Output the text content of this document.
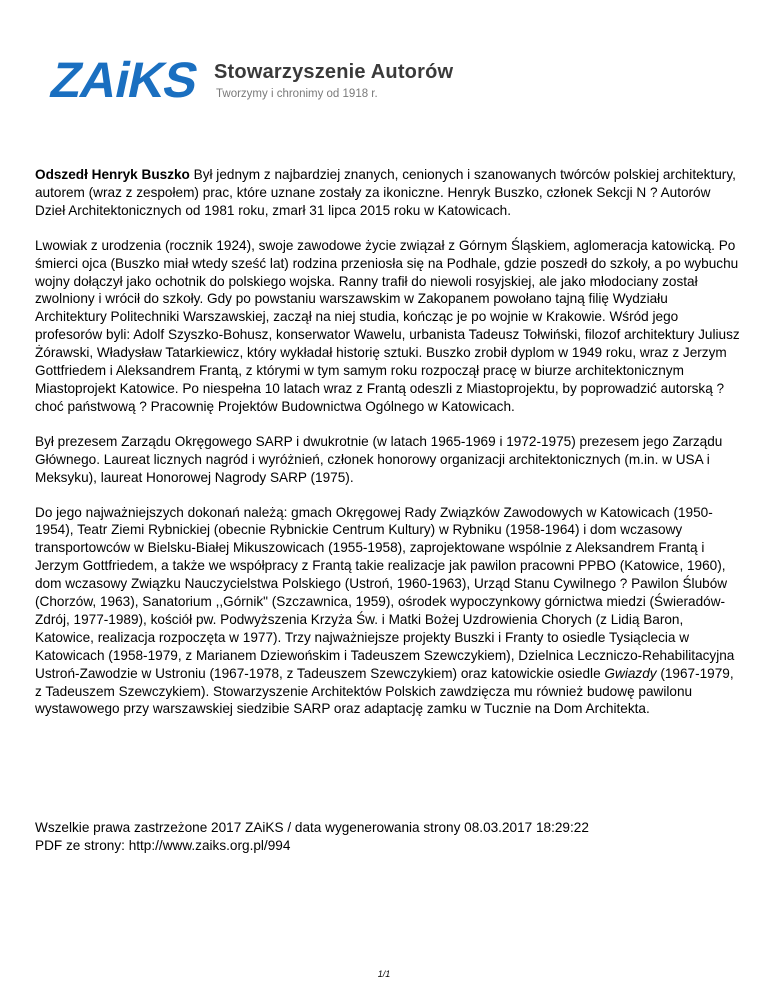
ZAiKS Stowarzyszenie Autorów
Tworzymy i chronimy od 1918 r.

Odszedł Henryk Buszko Był jednym z najbardziej znanych, cenionych i szanowanych twórców polskiej architektury, autorem (wraz z zespołem) prac, które uznane zostały za ikoniczne. Henryk Buszko, członek Sekcji N ? Autorów Dzieł Architektonicznych od 1981 roku, zmarł 31 lipca 2015 roku w Katowicach.

Lwowiak z urodzenia (rocznik 1924), swoje zawodowe życie związał z Górnym Śląskiem, aglomeracja katowicką. Po śmierci ojca (Buszko miał wtedy sześć lat) rodzina przeniosła się na Podhale, gdzie poszedł do szkoły, a po wybuchu wojny dołączył jako ochotnik do polskiego wojska. Ranny trafił do niewoli rosyjskiej, ale jako młodociany został zwolniony i wrócił do szkoły. Gdy po powstaniu warszawskim w Zakopanem powołano tajną filię Wydziału Architektury Politechniki Warszawskiej, zaczął na niej studia, kończąc je po wojnie w Krakowie. Wśród jego profesorów byli: Adolf Szyszko-Bohusz, konserwator Wawelu, urbanista Tadeusz Tołwiński, filozof architektury Juliusz Żórawski, Władysław Tatarkiewicz, który wykładał historię sztuki. Buszko zrobił dyplom w 1949 roku, wraz z Jerzym Gottfriedem i Aleksandrem Frantą, z którymi w tym samym roku rozpoczął pracę w biurze architektonicznym Miastoprojekt Katowice. Po niespełna 10 latach wraz z Frantą odeszli z Miastoprojektu, by poprowadzić autorską ? choć państwową ? Pracownię Projektów Budownictwa Ogólnego w Katowicach.

Był prezesem Zarządu Okręgowego SARP i dwukrotnie (w latach 1965-1969 i 1972-1975) prezesem jego Zarządu Głównego. Laureat licznych nagród i wyróżnień, członek honorowy organizacji architektonicznych (m.in. w USA i Meksyku), laureat Honorowej Nagrody SARP (1975).

Do jego najważniejszych dokonań należą: gmach Okręgowej Rady Związków Zawodowych w Katowicach (1950-1954), Teatr Ziemi Rybnickiej (obecnie Rybnickie Centrum Kultury) w Rybniku (1958-1964) i dom wczasowy transportowców w Bielsku-Białej Mikuszowicach (1955-1958), zaprojektowane wspólnie z Aleksandrem Frantą i Jerzym Gottfriedem, a także we współpracy z Frantą takie realizacje jak pawilon pracowni PPBO (Katowice, 1960), dom wczasowy Związku Nauczycielstwa Polskiego (Ustroń, 1960-1963), Urząd Stanu Cywilnego ? Pawilon Ślubów (Chorzów, 1963), Sanatorium ,,Górnik" (Szczawnica, 1959), ośrodek wypoczynkowy górnictwa miedzi (Świeradów-Zdrój, 1977-1989), kościół pw. Podwyższenia Krzyża Św. i Matki Bożej Uzdrowienia Chorych (z Lidią Baron, Katowice, realizacja rozpoczęta w 1977). Trzy najważniejsze projekty Buszki i Franty to osiedle Tysiąclecia w Katowicach (1958-1979, z Marianem Dziewońskim i Tadeuszem Szewczykiem), Dzielnica Leczniczo-Rehabilitacyjna Ustroń-Zawodzie w Ustroniu (1967-1978, z Tadeuszem Szewczykiem) oraz katowickie osiedle Gwiazdy (1967-1979, z Tadeuszem Szewczykiem). Stowarzyszenie Architektów Polskich zawdzięcza mu również budowę pawilonu wystawowego przy warszawskiej siedzibie SARP oraz adaptację zamku w Tucznie na Dom Architekta.

Wszelkie prawa zastrzeżone 2017 ZAiKS / data wygenerowania strony 08.03.2017 18:29:22
PDF ze strony: http://www.zaiks.org.pl/994
1/1
